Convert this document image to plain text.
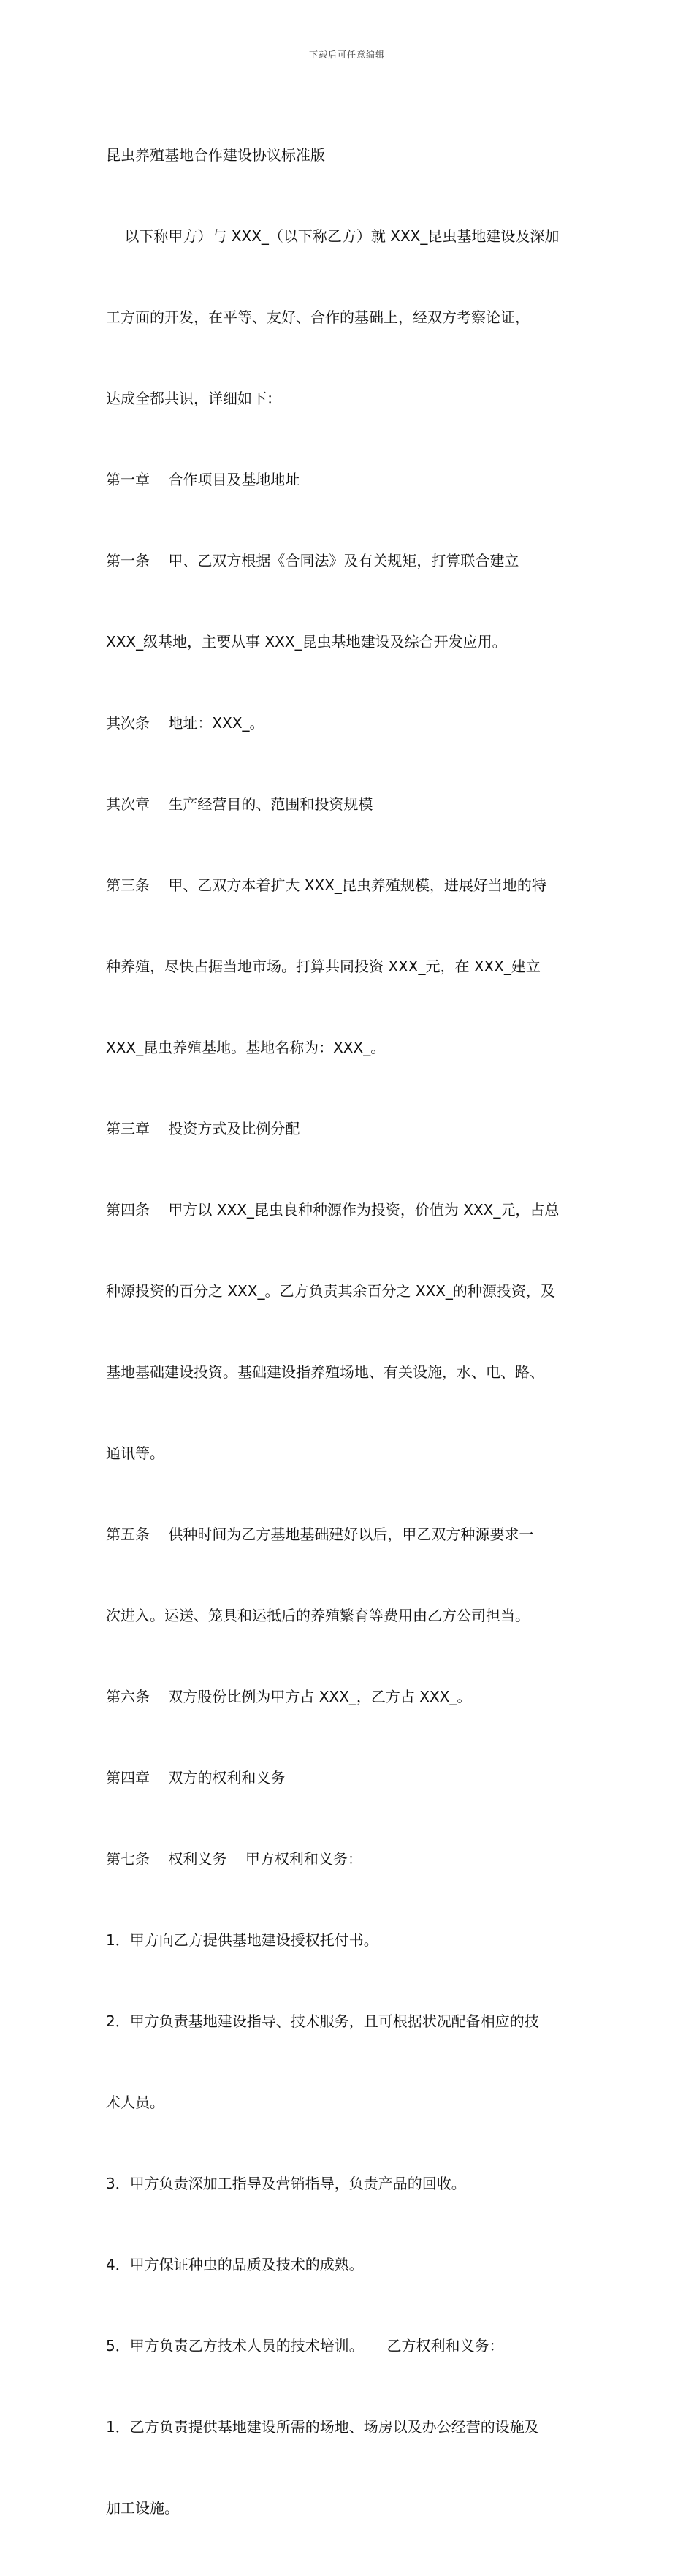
下载后可任意编辑

昆虫养殖基地合作建设协议标准版

以下称甲方）与 XXX_（以下称乙方）就 XXX_昆虫基地建设及深加

工方面的开发，在平等、友好、合作的基础上，经双方考察论证，

达成全都共识，详细如下：

第一章    合作项目及基地地址

第一条    甲、乙双方根据《合同法》及有关规矩，打算联合建立

XXX_级基地，主要从事 XXX_昆虫基地建设及综合开发应用。

其次条    地址：XXX_。

其次章    生产经营目的、范围和投资规模

第三条    甲、乙双方本着扩大 XXX_昆虫养殖规模，进展好当地的特

种养殖，尽快占据当地市场。打算共同投资 XXX_元，在 XXX_建立

XXX_昆虫养殖基地。基地名称为：XXX_。

第三章    投资方式及比例分配

第四条    甲方以 XXX_昆虫良种种源作为投资，价值为 XXX_元，占总

种源投资的百分之 XXX_。乙方负责其余百分之 XXX_的种源投资，及

基地基础建设投资。基础建设指养殖场地、有关设施，水、电、路、

通讯等。

第五条    供种时间为乙方基地基础建好以后，甲乙双方种源要求一

次进入。运送、笼具和运抵后的养殖繁育等费用由乙方公司担当。

第六条    双方股份比例为甲方占 XXX_，乙方占 XXX_。

第四章    双方的权利和义务

第七条    权利义务    甲方权利和义务：

1．甲方向乙方提供基地建设授权托付书。

2．甲方负责基地建设指导、技术服务，且可根据状况配备相应的技

术人员。

3．甲方负责深加工指导及营销指导，负责产品的回收。

4．甲方保证种虫的品质及技术的成熟。

5．甲方负责乙方技术人员的技术培训。     乙方权利和义务：

1．乙方负责提供基地建设所需的场地、场房以及办公经营的设施及

加工设施。
